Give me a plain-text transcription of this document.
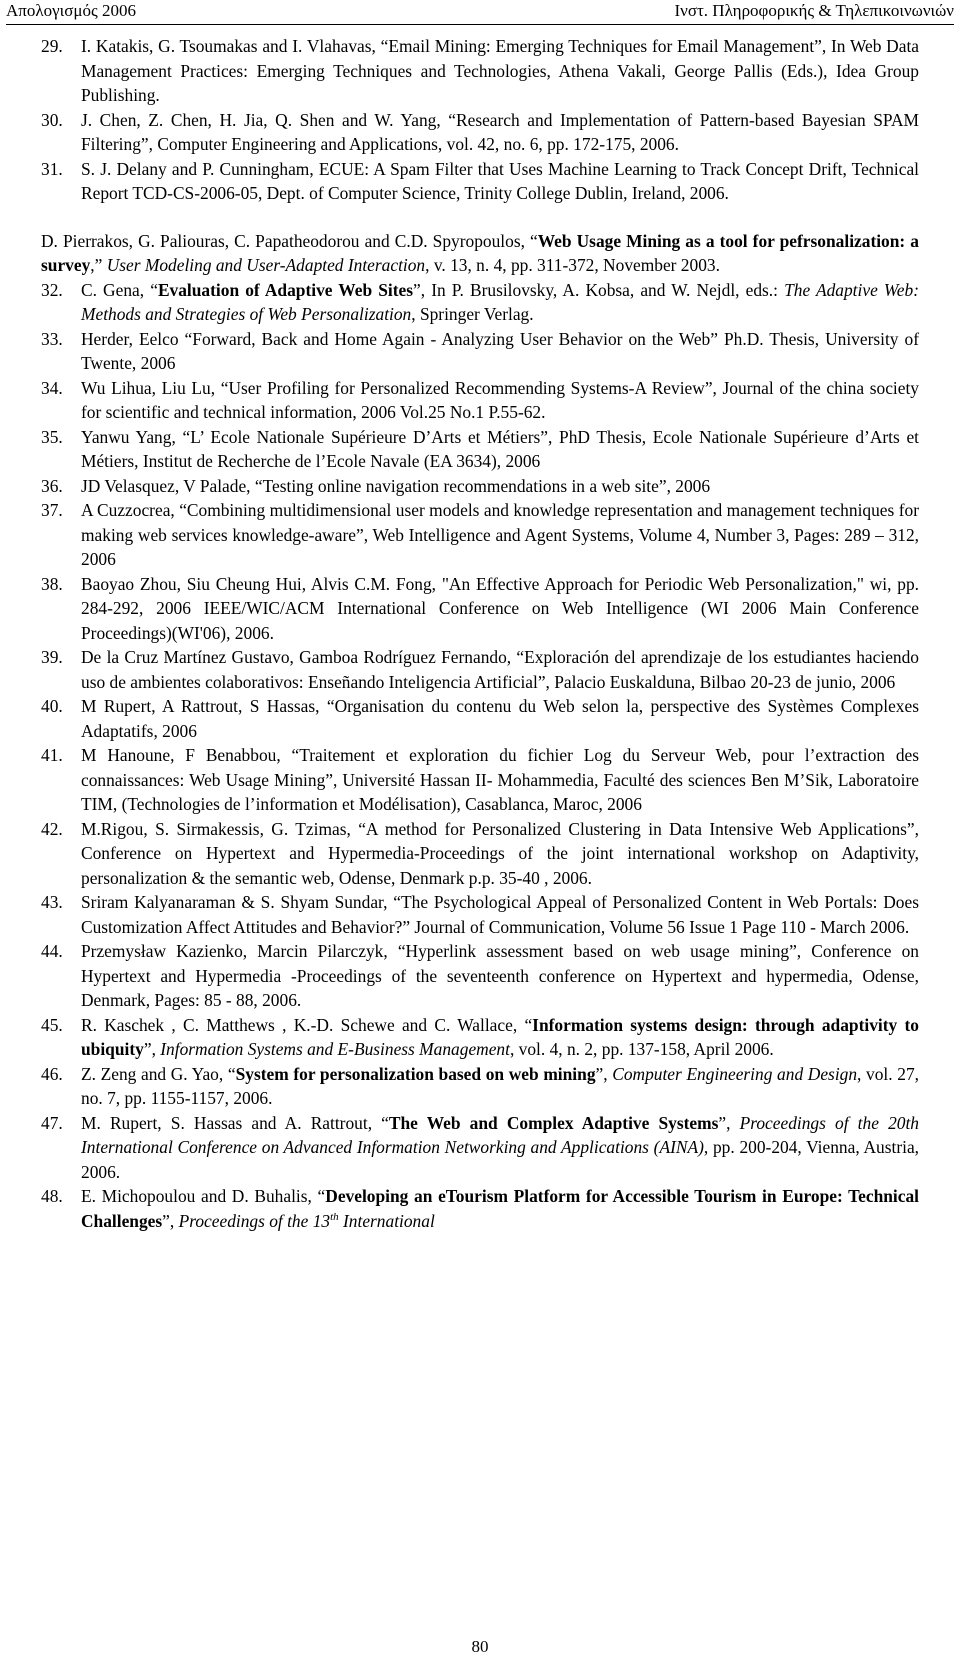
Απολογισμός 2006	Ινστ. Πληροφορικής & Τηλεπικοινωνιών
29.	I. Katakis, G. Tsoumakas and I. Vlahavas, “Email Mining: Emerging Techniques for Email Management”, In Web Data Management Practices: Emerging Techniques and Technologies, Athena Vakali, George Pallis (Eds.), Idea Group Publishing.
30.	J. Chen, Z. Chen, H. Jia, Q. Shen and W. Yang, “Research and Implementation of Pattern-based Bayesian SPAM Filtering”, Computer Engineering and Applications, vol. 42, no. 6, pp. 172-175, 2006.
31.	S. J. Delany and P. Cunningham, ECUE: A Spam Filter that Uses Machine Learning to Track Concept Drift, Technical Report TCD-CS-2006-05, Dept. of Computer Science, Trinity College Dublin, Ireland, 2006.

D. Pierrakos, G. Paliouras, C. Papatheodorou and C.D. Spyropoulos, “Web Usage Mining as a tool for pefrsonalization: a survey,” User Modeling and User-Adapted Interaction, v. 13, n. 4, pp. 311-372, November 2003.

32.	C. Gena, “Evaluation of Adaptive Web Sites”, In P. Brusilovsky, A. Kobsa, and W. Nejdl, eds.: The Adaptive Web: Methods and Strategies of Web Personalization, Springer Verlag.
33.	Herder, Eelco “Forward, Back and Home Again - Analyzing User Behavior on the Web” Ph.D. Thesis, University of Twente, 2006
34.	Wu Lihua, Liu Lu, “User Profiling for Personalized Recommending Systems-A Review”, Journal of the china society for scientific and technical information, 2006 Vol.25 No.1 P.55-62.
35.	Yanwu Yang, “L’ Ecole Nationale Supérieure D’Arts et Métiers”, PhD Thesis, Ecole Nationale Supérieure d’Arts et Métiers, Institut de Recherche de l’Ecole Navale (EA 3634), 2006
36.	JD Velasquez, V Palade, “Testing online navigation recommendations in a web site”, 2006
37.	A Cuzzocrea, “Combining multidimensional user models and knowledge representation and management techniques for making web services knowledge-aware”, Web Intelligence and Agent Systems, Volume 4, Number 3, Pages: 289 – 312, 2006
38.	Baoyao Zhou, Siu Cheung Hui, Alvis C.M. Fong, "An Effective Approach for Periodic Web Personalization," wi, pp. 284-292, 2006 IEEE/WIC/ACM International Conference on Web Intelligence (WI 2006 Main Conference Proceedings)(WI'06), 2006.
39.	De la Cruz Martínez Gustavo, Gamboa Rodríguez Fernando, “Exploración del aprendizaje de los estudiantes haciendo uso de ambientes colaborativos: Enseñando Inteligencia Artificial”, Palacio Euskalduna, Bilbao 20-23 de junio, 2006
40.	M Rupert, A Rattrout, S Hassas, “Organisation du contenu du Web selon la, perspective des Systèmes Complexes Adaptatifs, 2006
41.	M Hanoune, F Benabbou, “Traitement et exploration du fichier Log du Serveur Web, pour l’extraction des connaissances: Web Usage Mining”, Université Hassan II- Mohammedia, Faculté des sciences Ben M’Sik, Laboratoire TIM, (Technologies de l’information et Modélisation), Casablanca, Maroc, 2006
42.	M.Rigou, S. Sirmakessis, G. Tzimas, “A method for Personalized Clustering in Data Intensive Web Applications”, Conference on Hypertext and Hypermedia-Proceedings of the joint international workshop on Adaptivity, personalization & the semantic web, Odense, Denmark p.p. 35-40 , 2006.
43.	Sriram Kalyanaraman & S. Shyam Sundar, “The Psychological Appeal of Personalized Content in Web Portals: Does Customization Affect Attitudes and Behavior?” Journal of Communication, Volume 56 Issue 1 Page 110 - March 2006.
44.	Przemysław Kazienko, Marcin Pilarczyk, “Hyperlink assessment based on web usage mining”, Conference on Hypertext and Hypermedia -Proceedings of the seventeenth conference on Hypertext and hypermedia, Odense, Denmark, Pages: 85 - 88, 2006.
45.	R. Kaschek , C. Matthews , K.-D. Schewe and C. Wallace, “Information systems design: through adaptivity to ubiquity”, Information Systems and E-Business Management, vol. 4, n. 2, pp. 137-158, April 2006.
46.	Z. Zeng and G. Yao, “System for personalization based on web mining”, Computer Engineering and Design, vol. 27, no. 7, pp. 1155-1157, 2006.
47.	M. Rupert, S. Hassas and A. Rattrout, “The Web and Complex Adaptive Systems”, Proceedings of the 20th International Conference on Advanced Information Networking and Applications (AINA), pp. 200-204, Vienna, Austria, 2006.
48.	E. Michopoulou and D. Buhalis, “Developing an eTourism Platform for Accessible Tourism in Europe: Technical Challenges”, Proceedings of the 13th International
80
